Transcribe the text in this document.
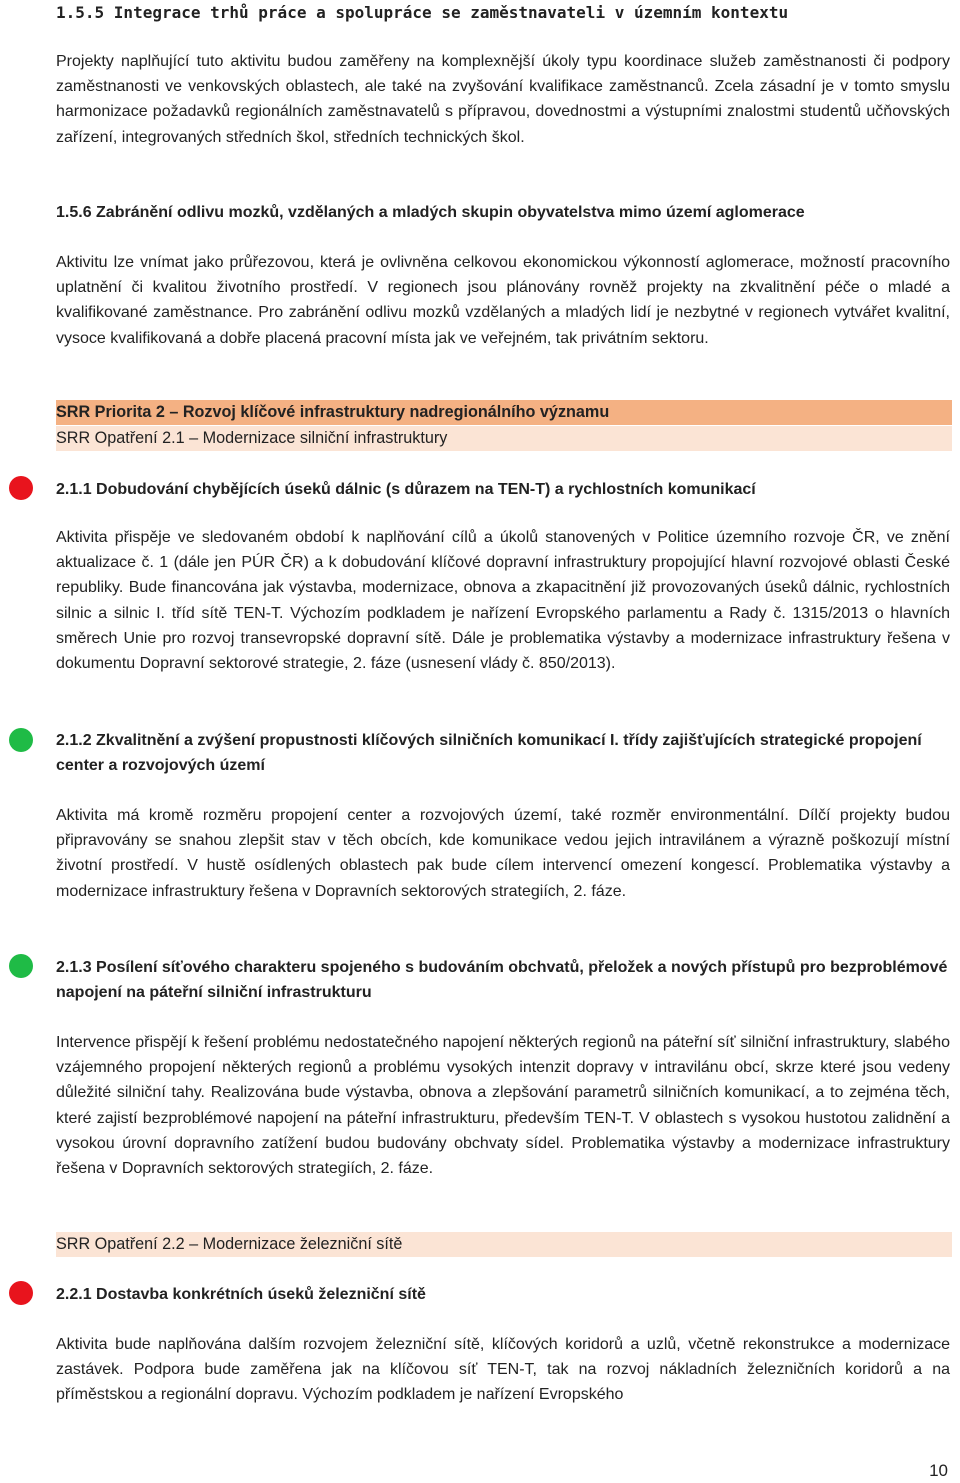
1.5.5 Integrace trhů práce a spolupráce se zaměstnavateli v územním kontextu
Projekty naplňující tuto aktivitu budou zaměřeny na komplexnější úkoly typu koordinace služeb zaměstnanosti či podpory zaměstnanosti ve venkovských oblastech, ale také na zvyšování kvalifikace zaměstnanců. Zcela zásadní je v tomto smyslu harmonizace požadavků regionálních zaměstnavatelů s přípravou, dovednostmi a výstupními znalostmi studentů učňovských zařízení, integrovaných středních škol, středních technických škol.
1.5.6 Zabránění odlivu mozků, vzdělaných a mladých skupin obyvatelstva mimo území aglomerace
Aktivitu lze vnímat jako průřezovou, která je ovlivněna celkovou ekonomickou výkonností aglomerace, možností pracovního uplatnění či kvalitou životního prostředí. V regionech jsou plánovány rovněž projekty na zkvalitnění péče o mladé a kvalifikované zaměstnance. Pro zabránění odlivu mozků vzdělaných a mladých lidí je nezbytné v regionech vytvářet kvalitní, vysoce kvalifikovaná a dobře placená pracovní místa jak ve veřejném, tak privátním sektoru.
SRR Priorita 2 – Rozvoj klíčové infrastruktury nadregionálního významu
SRR Opatření 2.1 – Modernizace silniční infrastruktury
2.1.1 Dobudování chybějících úseků dálnic (s důrazem na TEN-T) a rychlostních komunikací
Aktivita přispěje ve sledovaném období k naplňování cílů a úkolů stanovených v Politice územního rozvoje ČR, ve znění aktualizace č. 1 (dále jen PÚR ČR) a k dobudování klíčové dopravní infrastruktury propojující hlavní rozvojové oblasti České republiky. Bude financována jak výstavba, modernizace, obnova a zkapacitnění již provozovaných úseků dálnic, rychlostních silnic a silnic I. tříd sítě TEN-T. Výchozím podkladem je nařízení Evropského parlamentu a Rady č. 1315/2013 o hlavních směrech Unie pro rozvoj transevropské dopravní sítě. Dále je problematika výstavby a modernizace infrastruktury řešena v dokumentu Dopravní sektorové strategie, 2. fáze (usnesení vlády č. 850/2013).
2.1.2 Zkvalitnění a zvýšení propustnosti klíčových silničních komunikací I. třídy zajišťujících strategické propojení center a rozvojových území
Aktivita má kromě rozměru propojení center a rozvojových území, také rozměr environmentální. Dílčí projekty budou připravovány se snahou zlepšit stav v těch obcích, kde komunikace vedou jejich intravilánem a výrazně poškozují místní životní prostředí. V hustě osídlených oblastech pak bude cílem intervencí omezení kongescí. Problematika výstavby a modernizace infrastruktury řešena v Dopravních sektorových strategiích, 2. fáze.
2.1.3 Posílení síťového charakteru spojeného s budováním obchvatů, přeložek a nových přístupů pro bezproblémové napojení na páteřní silniční infrastrukturu
Intervence přispějí k řešení problému nedostatečného napojení některých regionů na páteřní síť silniční infrastruktury, slabého vzájemného propojení některých regionů a problému vysokých intenzit dopravy v intravilánu obcí, skrze které jsou vedeny důležité silniční tahy. Realizována bude výstavba, obnova a zlepšování parametrů silničních komunikací, a to zejména těch, které zajistí bezproblémové napojení na páteřní infrastrukturu, především TEN-T. V oblastech s vysokou hustotou zalidnění a vysokou úrovní dopravního zatížení budou budovány obchvaty sídel. Problematika výstavby a modernizace infrastruktury řešena v Dopravních sektorových strategiích, 2. fáze.
SRR Opatření 2.2 – Modernizace železniční sítě
2.2.1 Dostavba konkrétních úseků železniční sítě
Aktivita bude naplňována dalším rozvojem železniční sítě, klíčových koridorů a uzlů, včetně rekonstrukce a modernizace zastávek. Podpora bude zaměřena jak na klíčovou síť TEN-T, tak na rozvoj nákladních železničních koridorů a na příměstskou a regionální dopravu. Výchozím podkladem je nařízení Evropského
10
